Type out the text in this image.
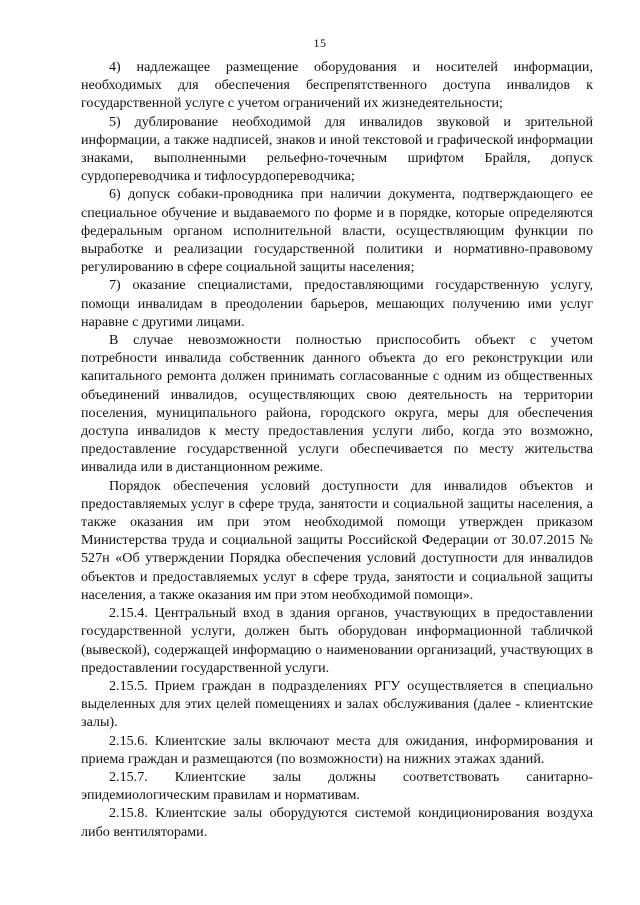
15

4) надлежащее размещение оборудования и носителей информации, необходимых для обеспечения беспрепятственного доступа инвалидов к государственной услуге с учетом ограничений их жизнедеятельности;

5) дублирование необходимой для инвалидов звуковой и зрительной информации, а также надписей, знаков и иной текстовой и графической информации знаками, выполненными рельефно-точечным шрифтом Брайля, допуск сурдопереводчика и тифлосурдопереводчика;

6) допуск собаки-проводника при наличии документа, подтверждающего ее специальное обучение и выдаваемого по форме и в порядке, которые определяются федеральным органом исполнительной власти, осуществляющим функции по выработке и реализации государственной политики и нормативно-правовому регулированию в сфере социальной защиты населения;

7) оказание специалистами, предоставляющими государственную услугу, помощи инвалидам в преодолении барьеров, мешающих получению ими услуг наравне с другими лицами.

В случае невозможности полностью приспособить объект с учетом потребности инвалида собственник данного объекта до его реконструкции или капитального ремонта должен принимать согласованные с одним из общественных объединений инвалидов, осуществляющих свою деятельность на территории поселения, муниципального района, городского округа, меры для обеспечения доступа инвалидов к месту предоставления услуги либо, когда это возможно, предоставление государственной услуги обеспечивается по месту жительства инвалида или в дистанционном режиме.

Порядок обеспечения условий доступности для инвалидов объектов и предоставляемых услуг в сфере труда, занятости и социальной защиты населения, а также оказания им при этом необходимой помощи утвержден приказом Министерства труда и социальной защиты Российской Федерации от 30.07.2015 № 527н «Об утверждении Порядка обеспечения условий доступности для инвалидов объектов и предоставляемых услуг в сфере труда, занятости и социальной защиты населения, а также оказания им при этом необходимой помощи».

2.15.4. Центральный вход в здания органов, участвующих в предоставлении государственной услуги, должен быть оборудован информационной табличкой (вывеской), содержащей информацию о наименовании организаций, участвующих в предоставлении государственной услуги.

2.15.5. Прием граждан в подразделениях РГУ осуществляется в специально выделенных для этих целей помещениях и залах обслуживания (далее - клиентские залы).

2.15.6. Клиентские залы включают места для ожидания, информирования и приема граждан и размещаются (по возможности) на нижних этажах зданий.

2.15.7. Клиентские залы должны соответствовать санитарно-эпидемиологическим правилам и нормативам.

2.15.8. Клиентские залы оборудуются системой кондиционирования воздуха либо вентиляторами.
